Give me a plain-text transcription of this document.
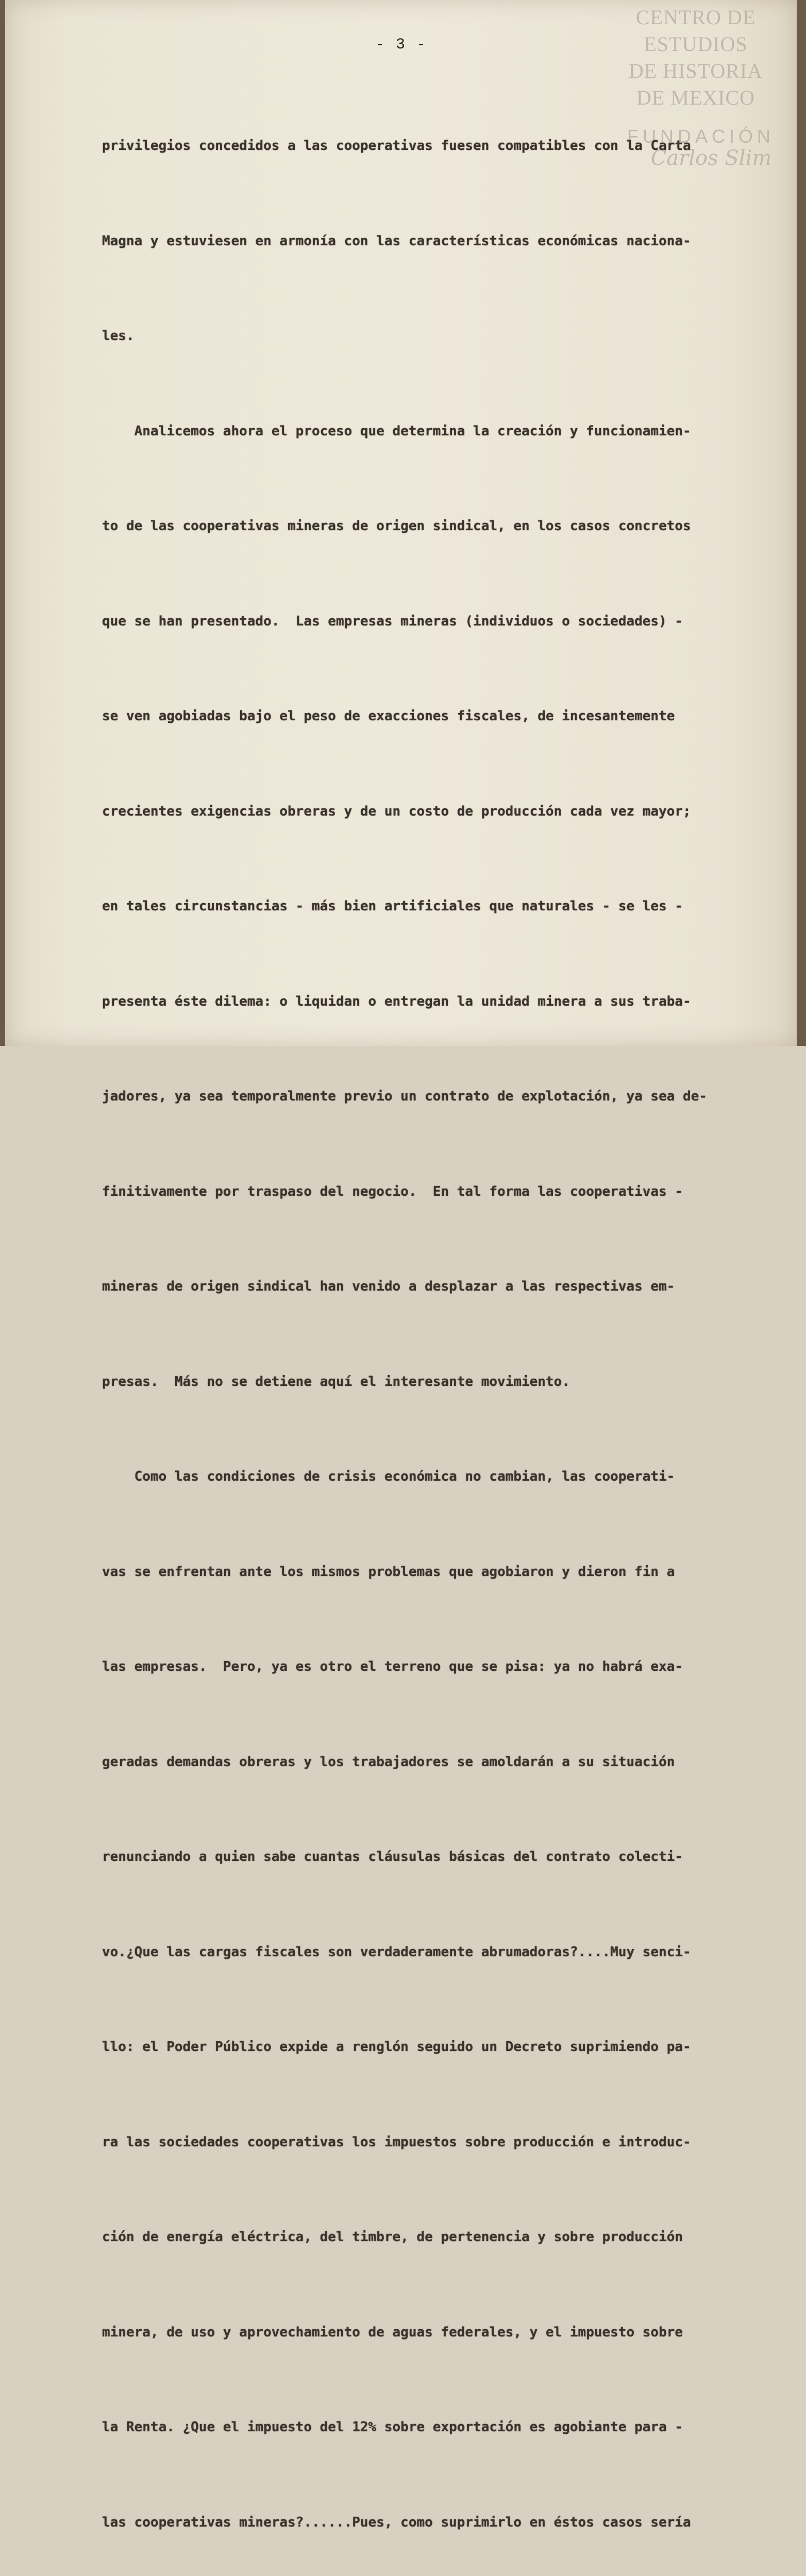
CENTRO DE
ESTUDIOS
DE HISTORIA
DE MEXICO
FUNDACIÓN
Carlos Slim
- 3 -

privilegios concedidos a las cooperativas fuesen compatibles con la Carta

Magna y estuviesen en armonía con las características económicas naciona-

les.

Analicemos ahora el proceso que determina la creación y funcionamien-

to de las cooperativas mineras de origen sindical, en los casos concretos

que se han presentado.  Las empresas mineras (individuos o sociedades) -

se ven agobiadas bajo el peso de exacciones fiscales, de incesantemente

crecientes exigencias obreras y de un costo de producción cada vez mayor;

en tales circunstancias - más bien artificiales que naturales - se les -

presenta éste dilema: o liquidan o entregan la unidad minera a sus traba-

jadores, ya sea temporalmente previo un contrato de explotación, ya sea de-

finitivamente por traspaso del negocio.  En tal forma las cooperativas -

mineras de origen sindical han venido a desplazar a las respectivas em-

presas.  Más no se detiene aquí el interesante movimiento.

Como las condiciones de crisis económica no cambian, las cooperati-

vas se enfrentan ante los mismos problemas que agobiaron y dieron fin a

las empresas.  Pero, ya es otro el terreno que se pisa: ya no habrá exa-

geradas demandas obreras y los trabajadores se amoldarán a su situación

renunciando a quien sabe cuantas cláusulas básicas del contrato colecti-

vo.¿Que las cargas fiscales son verdaderamente abrumadoras?....Muy senci-

llo: el Poder Público expide a renglón seguido un Decreto suprimiendo pa-

ra las sociedades cooperativas los impuestos sobre producción e introduc-

ción de energía eléctrica, del timbre, de pertenencia y sobre producción

minera, de uso y aprovechamiento de aguas federales, y el impuesto sobre

la Renta. ¿Que el impuesto del 12% sobre exportación es agobiante para -

las cooperativas mineras?......Pues, como suprimirlo en éstos casos sería
